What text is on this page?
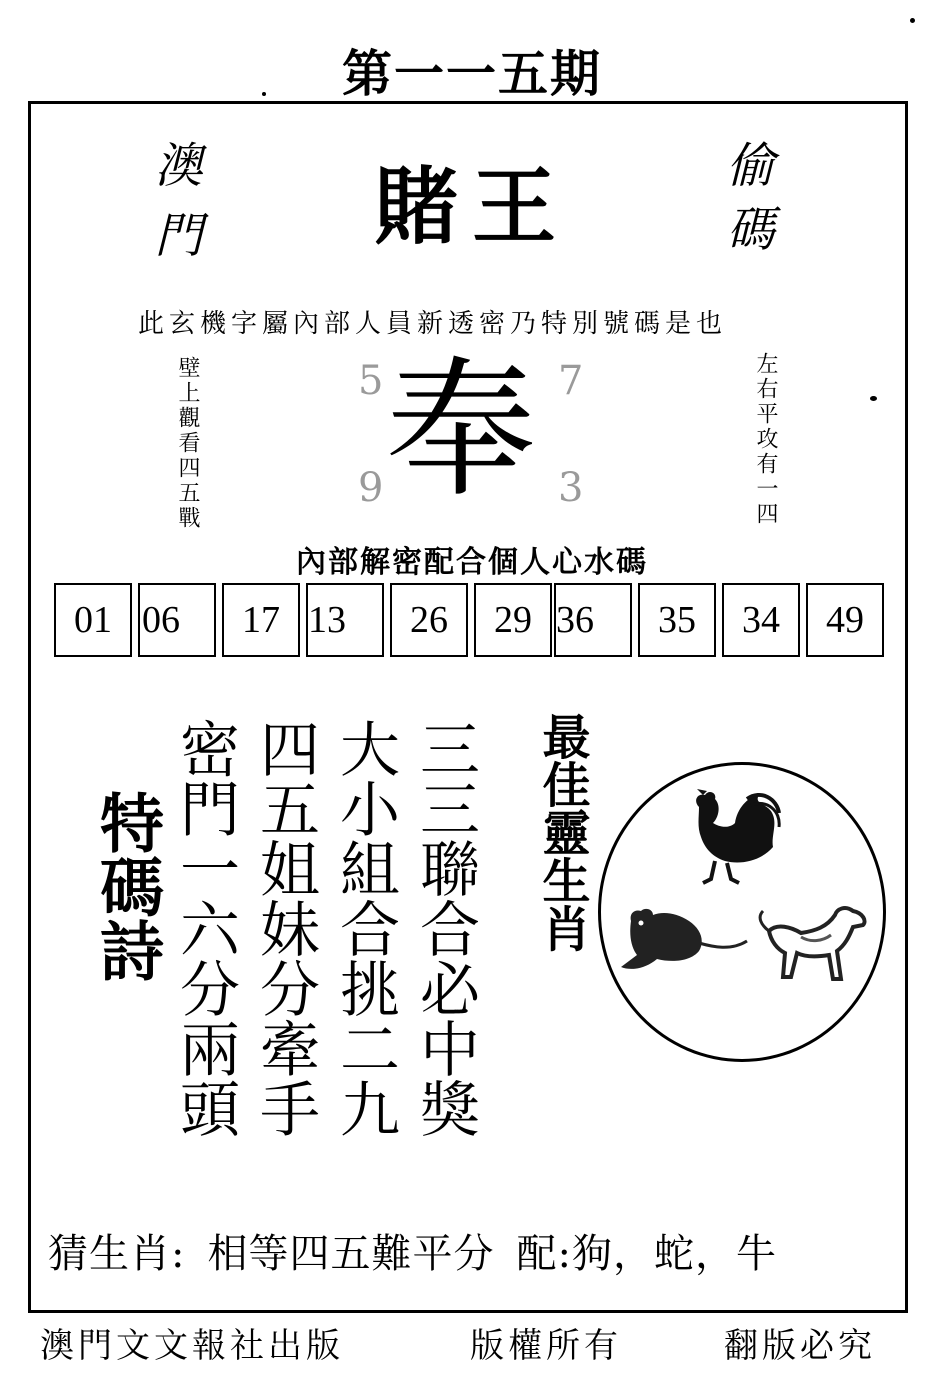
第一一五期
澳門	賭王	偷碼
此玄機字屬內部人員新透密乃特別號碼是也
壁上觀看四五戰	左右平攻有一四
5	7
奉
9	3
內部解密配合個人心水碼
01 06	17 13	26	29 36	35	34	49
特碼詩	三三聯合必中獎
大小組合挑二九
四五姐妹分牽手
密門一六分兩頭	最佳靈生肖
猜生肖: 相等四五難平分 配:狗，蛇，牛
澳門文文報社出版	版權所有	翻版必究
